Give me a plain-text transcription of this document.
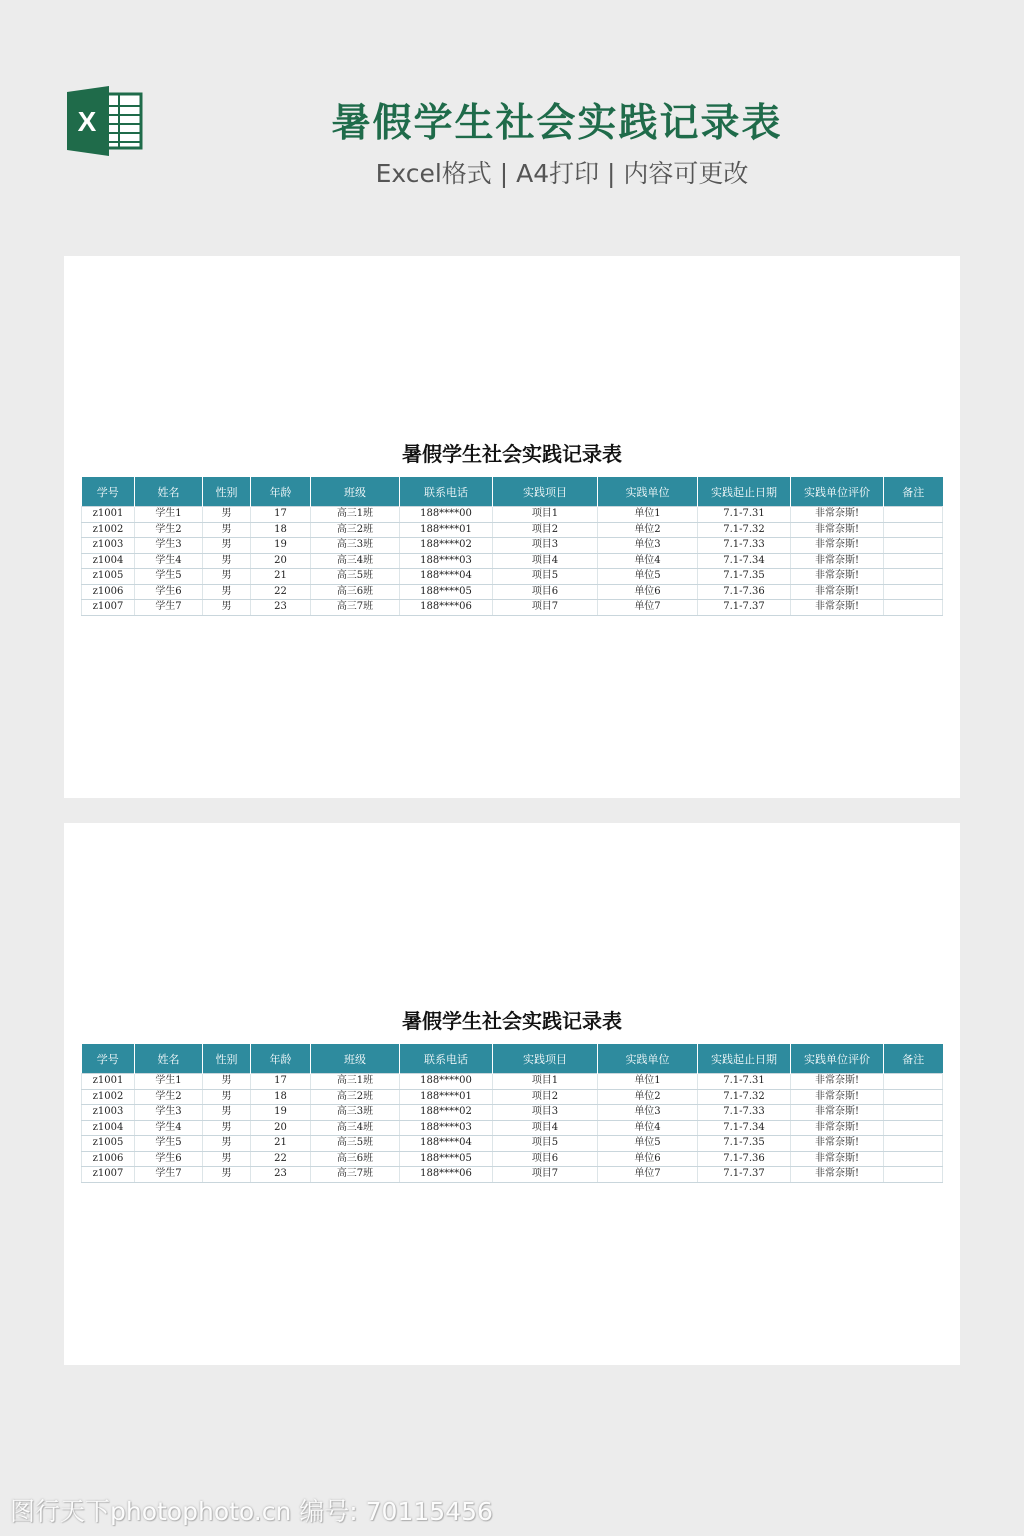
X	暑假学生社会实践记录表
Excel格式 | A4打印 | 内容可更改
暑假学生社会实践记录表
学号	姓名	性别	年龄	班级	联系电话	实践项目	实践单位	实践起止日期	实践单位评价	备注
z1001	学生1	男	17	高三1班	188****00	项目1	单位1	7.1-7.31	非常奈斯!	
z1002	学生2	男	18	高三2班	188****01	项目2	单位2	7.1-7.32	非常奈斯!	
z1003	学生3	男	19	高三3班	188****02	项目3	单位3	7.1-7.33	非常奈斯!	
z1004	学生4	男	20	高三4班	188****03	项目4	单位4	7.1-7.34	非常奈斯!	
z1005	学生5	男	21	高三5班	188****04	项目5	单位5	7.1-7.35	非常奈斯!	
z1006	学生6	男	22	高三6班	188****05	项目6	单位6	7.1-7.36	非常奈斯!	
z1007	学生7	男	23	高三7班	188****06	项目7	单位7	7.1-7.37	非常奈斯!	
暑假学生社会实践记录表
学号	姓名	性别	年龄	班级	联系电话	实践项目	实践单位	实践起止日期	实践单位评价	备注
z1001	学生1	男	17	高三1班	188****00	项目1	单位1	7.1-7.31	非常奈斯!	
z1002	学生2	男	18	高三2班	188****01	项目2	单位2	7.1-7.32	非常奈斯!	
z1003	学生3	男	19	高三3班	188****02	项目3	单位3	7.1-7.33	非常奈斯!	
z1004	学生4	男	20	高三4班	188****03	项目4	单位4	7.1-7.34	非常奈斯!	
z1005	学生5	男	21	高三5班	188****04	项目5	单位5	7.1-7.35	非常奈斯!	
z1006	学生6	男	22	高三6班	188****05	项目6	单位6	7.1-7.36	非常奈斯!	
z1007	学生7	男	23	高三7班	188****06	项目7	单位7	7.1-7.37	非常奈斯!	
图行天下photophoto.cn 编号: 70115456
